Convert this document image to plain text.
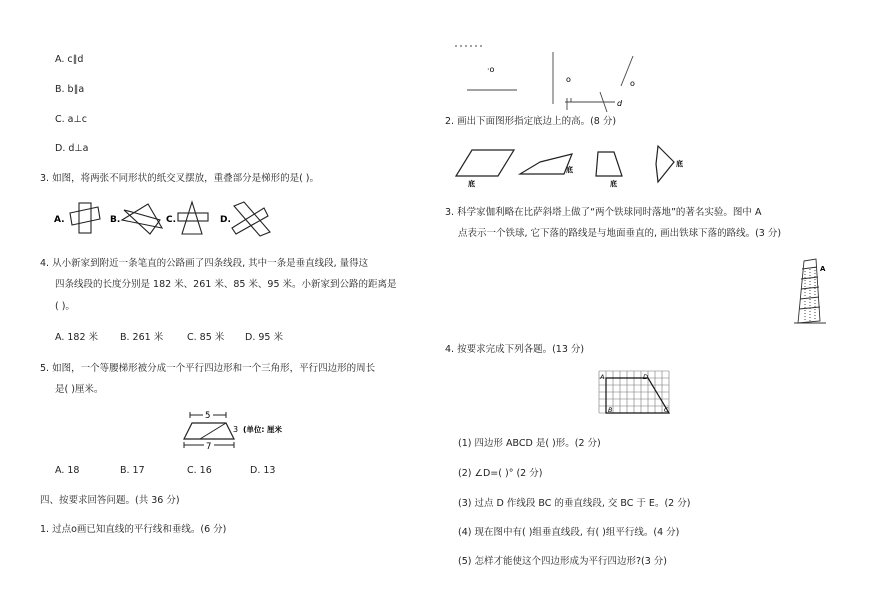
A. c∥d
B. b∥a
C. a⊥c
D. d⊥a
3. 如图，将两张不同形状的纸交叉摆放，重叠部分是梯形的是( )。
A.	B.	C.	D.
4. 从小新家到附近一条笔直的公路画了四条线段, 其中一条是垂直线段, 量得这
四条线段的长度分别是 182 米、261 米、85 米、95 米。小新家到公路的距离是
( )。
A. 182 米 B. 261 米	C. 85 米 D. 95 米
5. 如图，一个等腰梯形被分成一个平行四边形和一个三角形，平行四边形的周长
是( )厘米。
5
3
7
(单位: 厘米
A. 18	B. 17	C. 16	D. 13
四、按要求回答问题。(共 36 分)
1. 过点o画已知直线的平行线和垂线。(6 分)
·o
o	o
d
2. 画出下面图形指定底边上的高。(8 分)
底
底
底
底
3. 科学家伽利略在比萨斜塔上做了“两个铁球同时落地”的著名实验。图中 A
点表示一个铁球, 它下落的路线是与地面垂直的, 画出铁球下落的路线。(3 分)
A
4. 按要求完成下列各题。(13 分)
A
B	C
D
(1) 四边形 ABCD 是( )形。(2 分)
(2) ∠D=( )° (2 分)
(3) 过点 D 作线段 BC 的垂直线段, 交 BC 于 E。(2 分)
(4) 现在图中有( )组垂直线段, 有( )组平行线。(4 分)
(5) 怎样才能使这个四边形成为平行四边形?(3 分)
